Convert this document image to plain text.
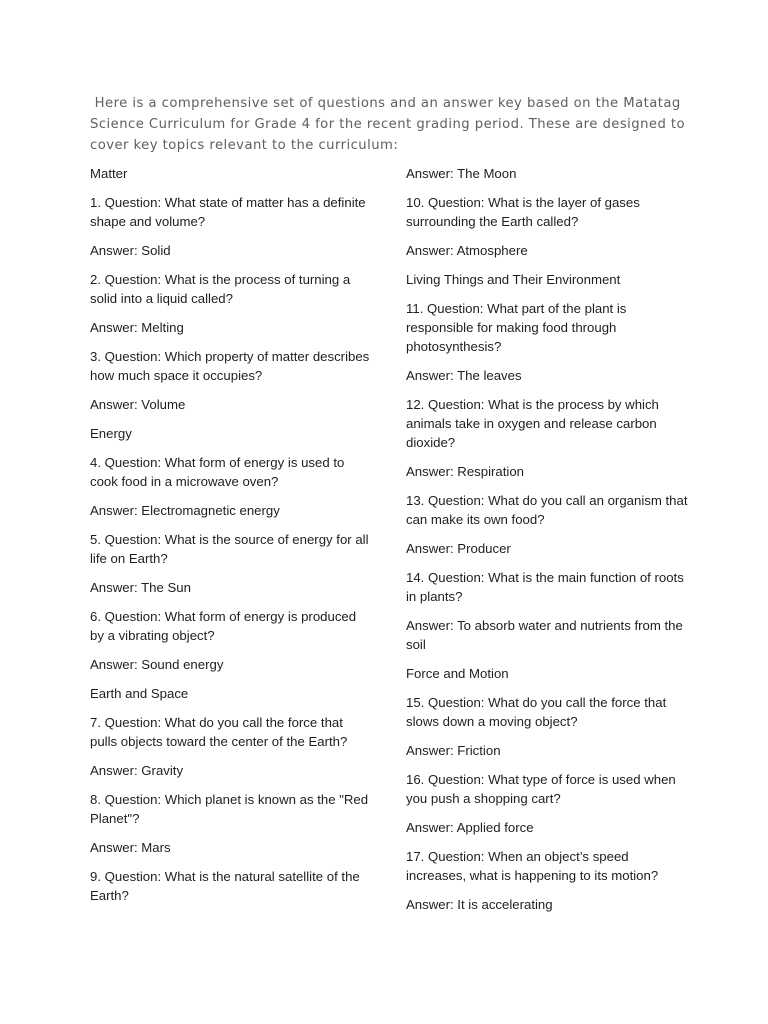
Here is a comprehensive set of questions and an answer key based on the Matatag Science Curriculum for Grade 4 for the recent grading period. These are designed to cover key topics relevant to the curriculum:

Matter

1. Question: What state of matter has a definite shape and volume?

Answer: Solid

2. Question: What is the process of turning a solid into a liquid called?

Answer: Melting

3. Question: Which property of matter describes how much space it occupies?

Answer: Volume

Energy

4. Question: What form of energy is used to cook food in a microwave oven?

Answer: Electromagnetic energy

5. Question: What is the source of energy for all life on Earth?

Answer: The Sun

6. Question: What form of energy is produced by a vibrating object?

Answer: Sound energy

Earth and Space

7. Question: What do you call the force that pulls objects toward the center of the Earth?

Answer: Gravity

8. Question: Which planet is known as the "Red Planet"?

Answer: Mars

9. Question: What is the natural satellite of the Earth?

Answer: The Moon

10. Question: What is the layer of gases surrounding the Earth called?

Answer: Atmosphere

Living Things and Their Environment

11. Question: What part of the plant is responsible for making food through photosynthesis?

Answer: The leaves

12. Question: What is the process by which animals take in oxygen and release carbon dioxide?

Answer: Respiration

13. Question: What do you call an organism that can make its own food?

Answer: Producer

14. Question: What is the main function of roots in plants?

Answer: To absorb water and nutrients from the soil

Force and Motion

15. Question: What do you call the force that slows down a moving object?

Answer: Friction

16. Question: What type of force is used when you push a shopping cart?

Answer: Applied force

17. Question: When an object’s speed increases, what is happening to its motion?

Answer: It is accelerating
